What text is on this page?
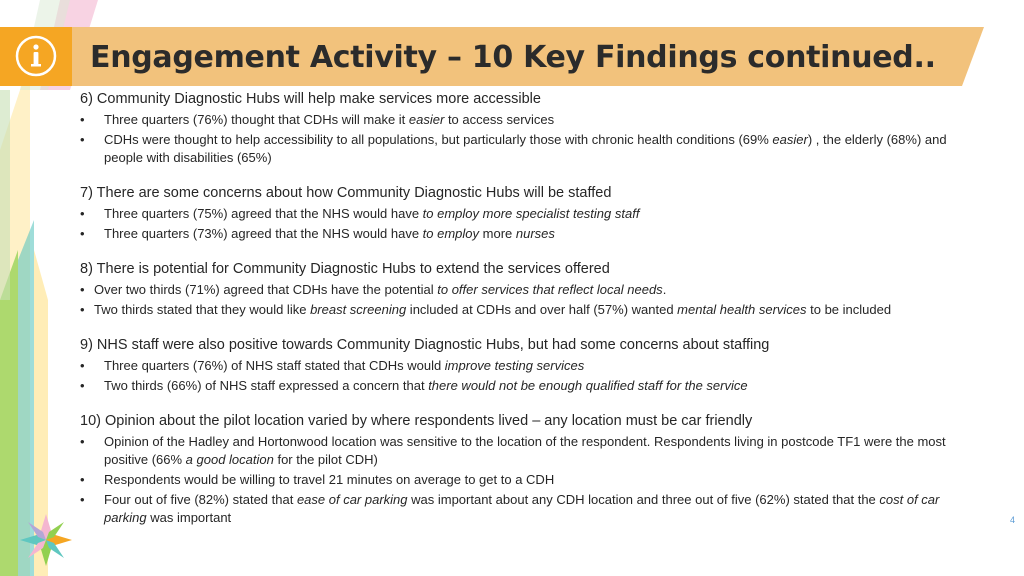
Engagement Activity – 10 Key Findings continued..

6) Community Diagnostic Hubs will help make services more accessible

• Three quarters (76%) thought that CDHs will make it easier to access services
• CDHs were thought to help accessibility to all populations, but particularly those with chronic health conditions (69% easier) , the elderly (68%) and people with disabilities (65%)

7) There are some concerns about how Community Diagnostic Hubs will be staffed

• Three quarters (75%) agreed that the NHS would have to employ more specialist testing staff
• Three quarters (73%) agreed that the NHS would have to employ more nurses

8) There is potential for Community Diagnostic Hubs to extend the services offered

• Over two thirds (71%) agreed that CDHs have the potential to offer services that reflect local needs.
• Two thirds stated that they would like breast screening included at CDHs and over half (57%) wanted mental health services to be included

9) NHS staff were also positive towards Community Diagnostic Hubs, but had some concerns about staffing

• Three quarters (76%) of NHS staff stated that CDHs would improve testing services
• Two thirds (66%) of NHS staff expressed a concern that there would not be enough qualified staff for the service

10) Opinion about the pilot location varied by where respondents lived – any location must be car friendly

• Opinion of the Hadley and Hortonwood location was sensitive to the location of the respondent. Respondents living in postcode TF1 were the most positive (66% a good location for the pilot CDH)
• Respondents would be willing to travel 21 minutes on average to get to a CDH
• Four out of five (82%) stated that ease of car parking was important about any CDH location and three out of five (62%) stated that the cost of car parking was important	4
